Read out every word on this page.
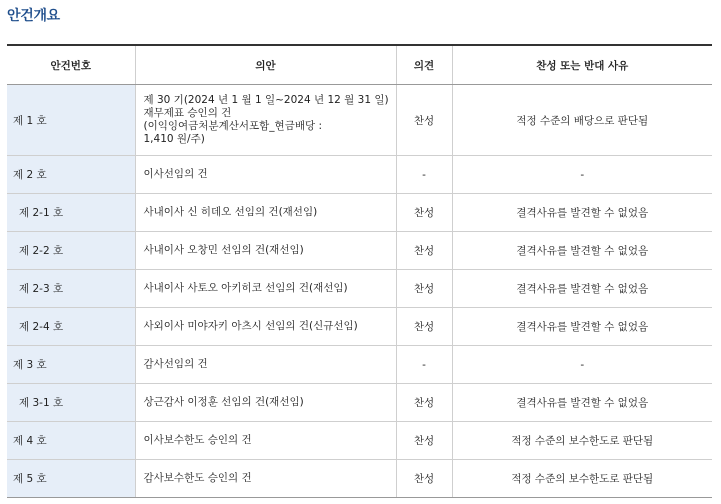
안건개요
안건번호	의안	의견	찬성 또는 반대 사유
제 1 호	제 30 기(2024 년 1 월 1 일~2024 년 12 월 31 일)
재무제표 승인의 건
(이익잉여금처분계산서포함_현금배당 :
1,410 원/주)	찬성	적정 수준의 배당으로 판단됨
제 2 호	이사선임의 건	-	-
제 2-1 호	사내이사 신 히데오 선임의 건(재선임)	찬성	결격사유를 발견할 수 없었음
제 2-2 호	사내이사 오창민 선임의 건(재선임)	찬성	결격사유를 발견할 수 없었음
제 2-3 호	사내이사 사토오 아키히코 선임의 건(재선임)	찬성	결격사유를 발견할 수 없었음
제 2-4 호	사외이사 미야자키 아츠시 선임의 건(신규선임)	찬성	결격사유를 발견할 수 없었음
제 3 호	감사선임의 건	-	-
제 3-1 호	상근감사 이정훈 선임의 건(재선임)	찬성	결격사유를 발견할 수 없었음
제 4 호	이사보수한도 승인의 건	찬성	적정 수준의 보수한도로 판단됨
제 5 호	감사보수한도 승인의 건	찬성	적정 수준의 보수한도로 판단됨
